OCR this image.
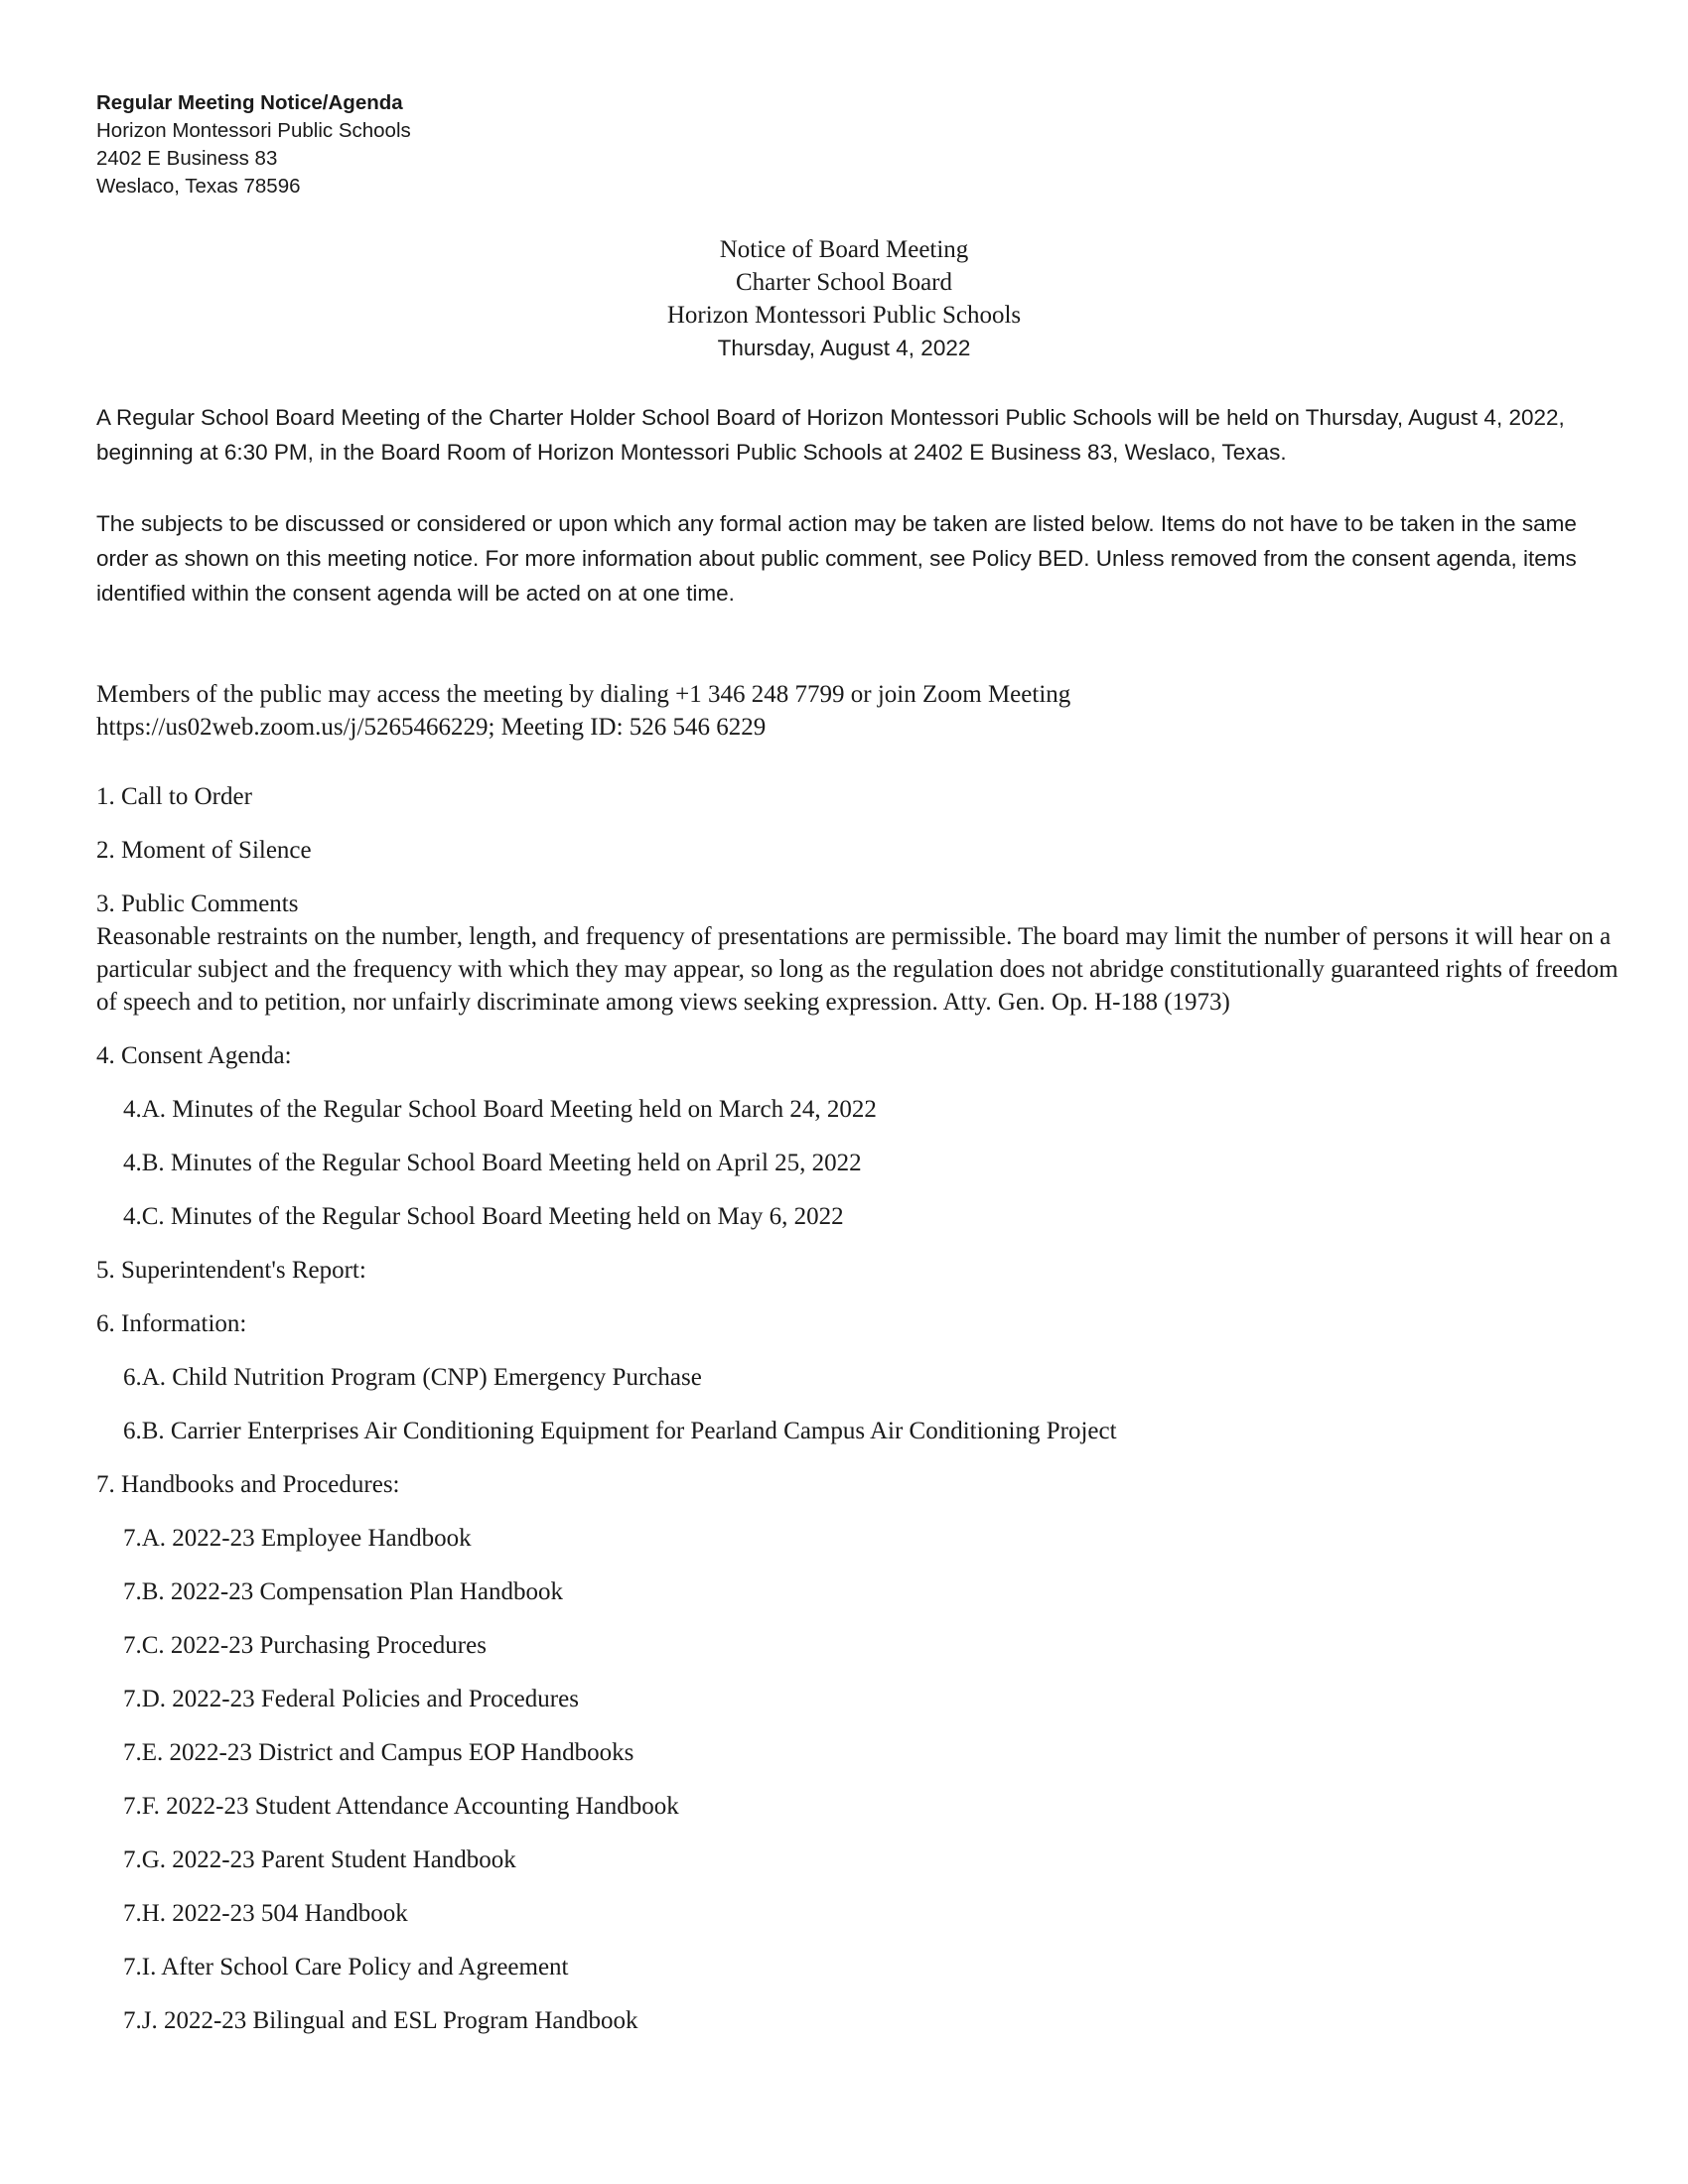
Regular Meeting Notice/Agenda
Horizon Montessori Public Schools
2402 E Business 83
Weslaco, Texas 78596
Notice of Board Meeting
Charter School Board
Horizon Montessori Public Schools
Thursday, August 4, 2022
A Regular School Board Meeting of the Charter Holder School Board of Horizon Montessori Public Schools will be held on Thursday, August 4, 2022, beginning at 6:30 PM, in the Board Room of Horizon Montessori Public Schools at 2402 E Business 83, Weslaco, Texas.
The subjects to be discussed or considered or upon which any formal action may be taken are listed below. Items do not have to be taken in the same order as shown on this meeting notice. For more information about public comment, see Policy BED. Unless removed from the consent agenda, items identified within the consent agenda will be acted on at one time.
Members of the public may access the meeting by dialing +1 346 248 7799 or join Zoom Meeting
https://us02web.zoom.us/j/5265466229; Meeting ID: 526 546 6229
1. Call to Order
2. Moment of Silence
3. Public Comments
Reasonable restraints on the number, length, and frequency of presentations are permissible. The board may limit the number of persons it will hear on a particular subject and the frequency with which they may appear, so long as the regulation does not abridge constitutionally guaranteed rights of freedom of speech and to petition, nor unfairly discriminate among views seeking expression. Atty. Gen. Op. H-188 (1973)
4. Consent Agenda:
4.A. Minutes of the Regular School Board Meeting held on March 24, 2022
4.B. Minutes of the Regular School Board Meeting held on April 25, 2022
4.C. Minutes of the Regular School Board Meeting held on May 6, 2022
5. Superintendent's Report:
6. Information:
6.A. Child Nutrition Program (CNP) Emergency Purchase
6.B. Carrier Enterprises Air Conditioning Equipment for Pearland Campus Air Conditioning Project
7. Handbooks and Procedures:
7.A. 2022-23 Employee Handbook
7.B. 2022-23 Compensation Plan Handbook
7.C. 2022-23 Purchasing Procedures
7.D. 2022-23 Federal Policies and Procedures
7.E. 2022-23 District and Campus EOP Handbooks
7.F. 2022-23 Student Attendance Accounting Handbook
7.G. 2022-23 Parent Student Handbook
7.H. 2022-23 504 Handbook
7.I. After School Care Policy and Agreement
7.J. 2022-23 Bilingual and ESL Program Handbook
